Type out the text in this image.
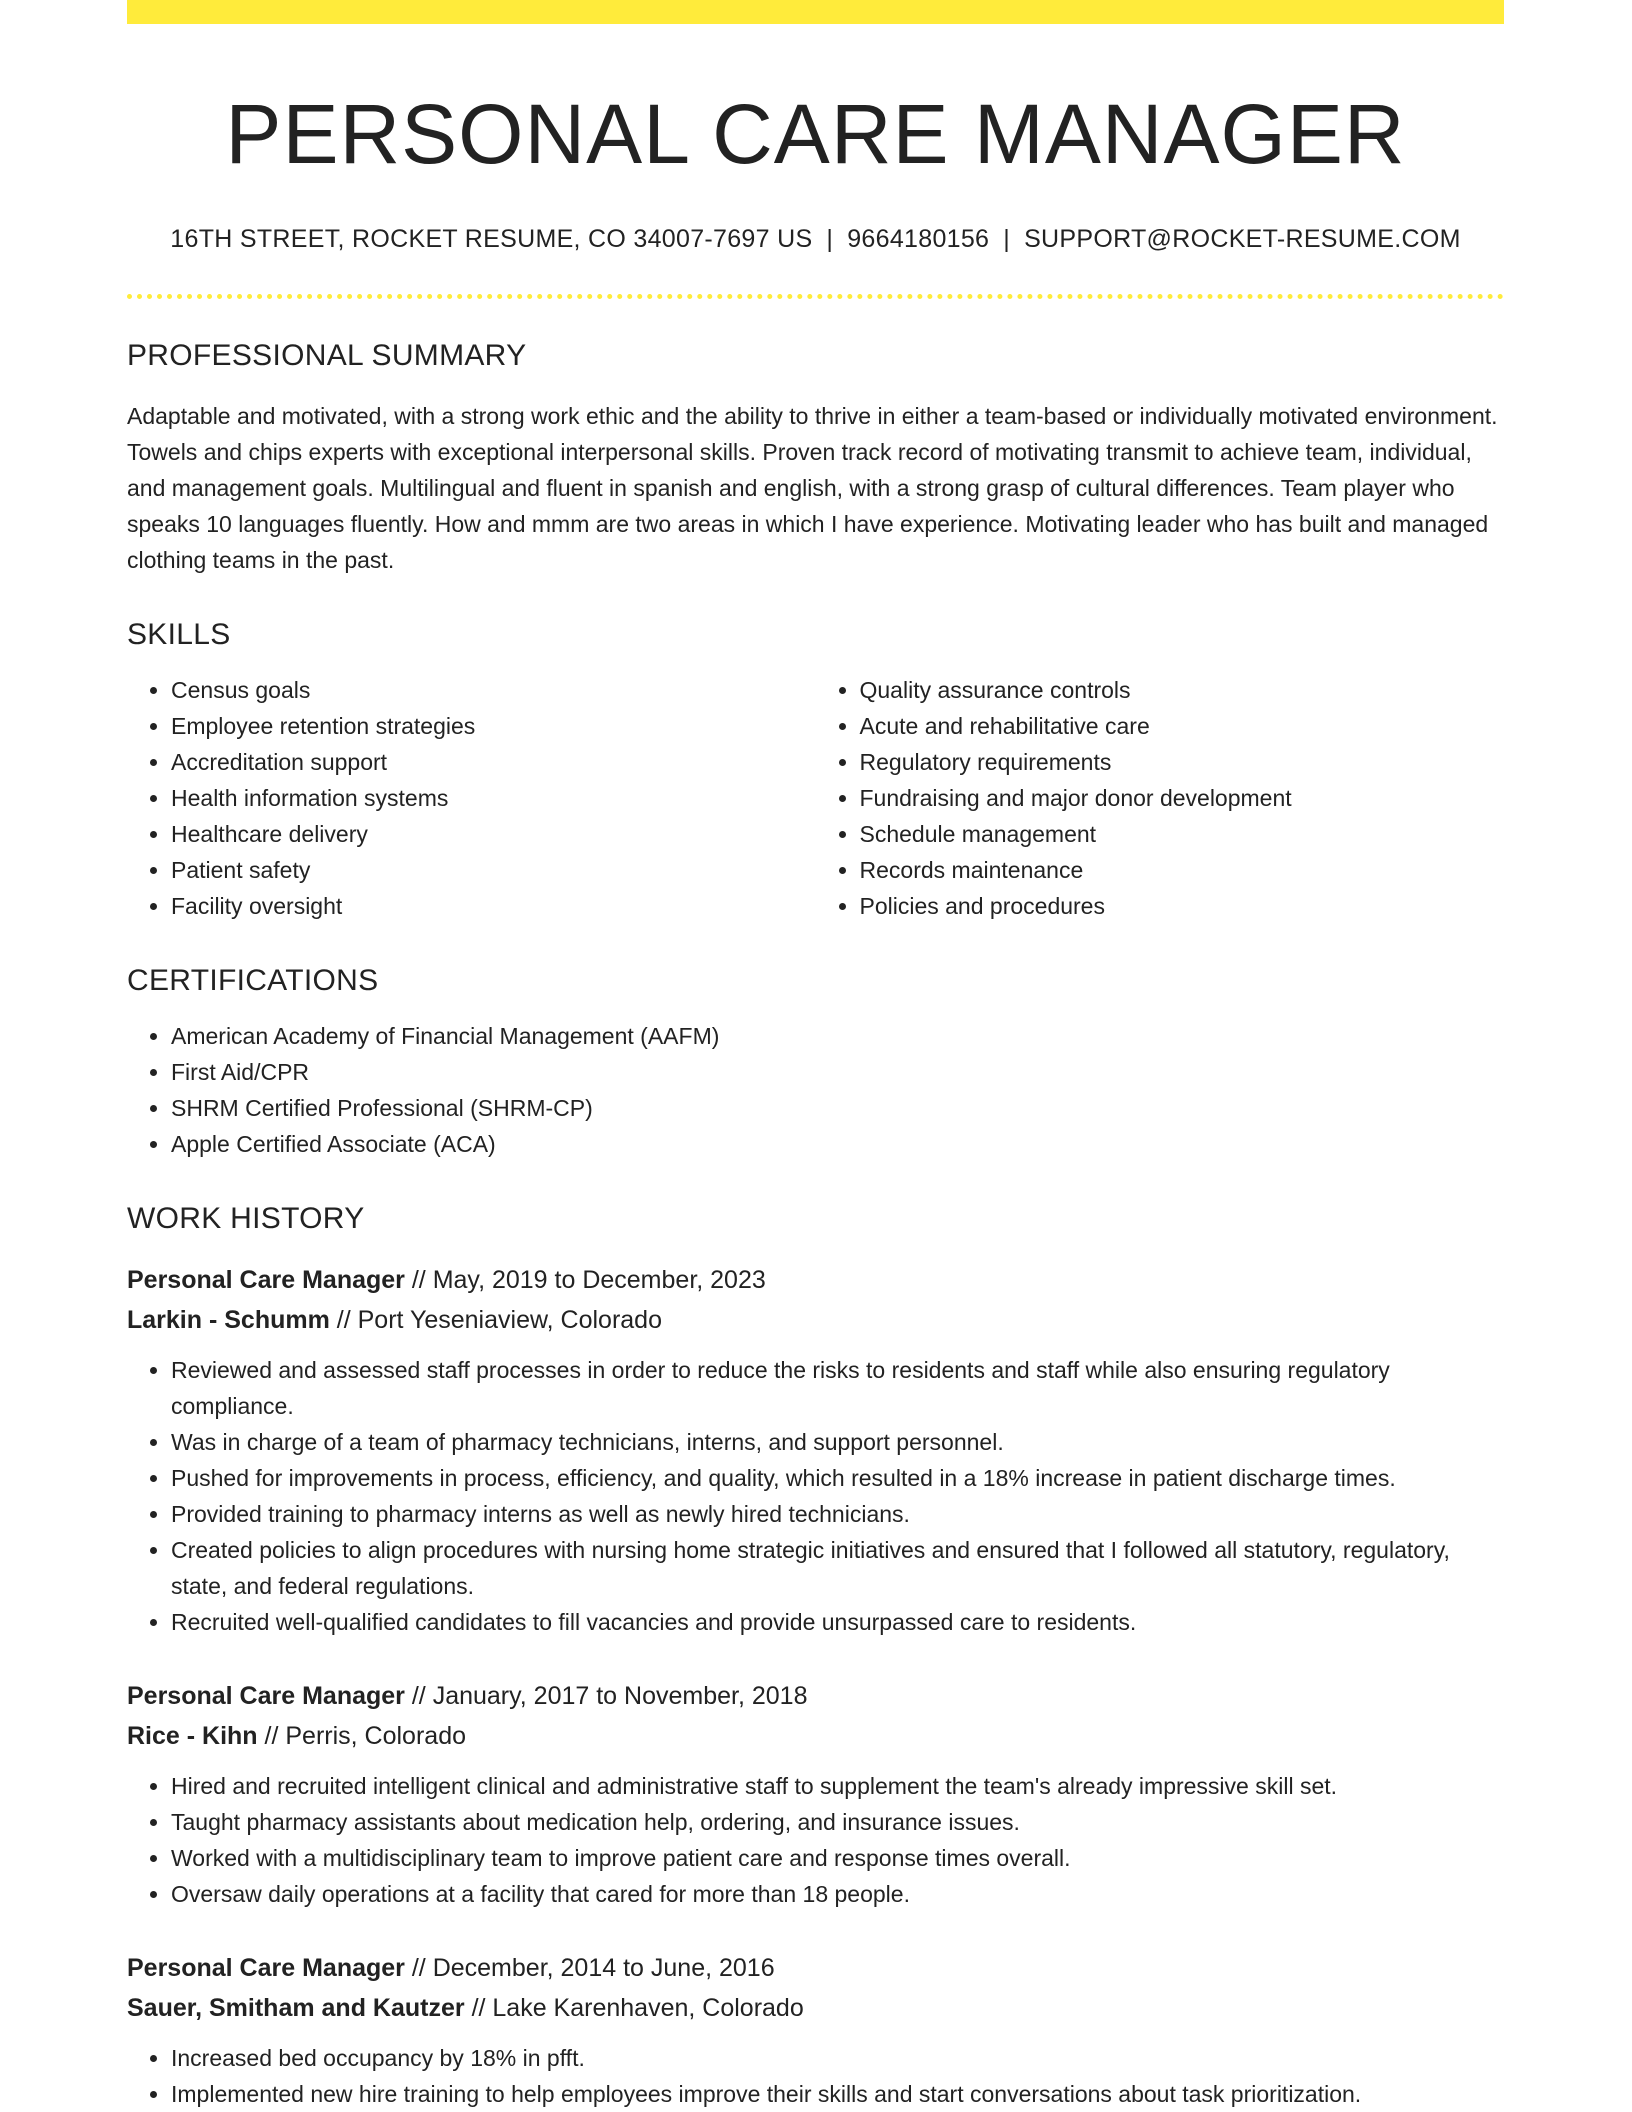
PERSONAL CARE MANAGER
16TH STREET, ROCKET RESUME, CO 34007-7697 US | 9664180156 | SUPPORT@ROCKET-RESUME.COM
PROFESSIONAL SUMMARY

Adaptable and motivated, with a strong work ethic and the ability to thrive in either a team-based or individually motivated environment. Towels and chips experts with exceptional interpersonal skills. Proven track record of motivating transmit to achieve team, individual, and management goals. Multilingual and fluent in spanish and english, with a strong grasp of cultural differences. Team player who speaks 10 languages fluently. How and mmm are two areas in which I have experience. Motivating leader who has built and managed clothing teams in the past.

SKILLS
• Census goals
• Employee retention strategies
• Accreditation support
• Health information systems
• Healthcare delivery
• Patient safety
• Facility oversight
• Quality assurance controls
• Acute and rehabilitative care
• Regulatory requirements
• Fundraising and major donor development
• Schedule management
• Records maintenance
• Policies and procedures
CERTIFICATIONS
• American Academy of Financial Management (AAFM)
• First Aid/CPR
• SHRM Certified Professional (SHRM-CP)
• Apple Certified Associate (ACA)
WORK HISTORY
Personal Care Manager // May, 2019 to December, 2023
Larkin - Schumm // Port Yeseniaview, Colorado
• Reviewed and assessed staff processes in order to reduce the risks to residents and staff while also ensuring regulatory compliance.
• Was in charge of a team of pharmacy technicians, interns, and support personnel.
• Pushed for improvements in process, efficiency, and quality, which resulted in a 18% increase in patient discharge times.
• Provided training to pharmacy interns as well as newly hired technicians.
• Created policies to align procedures with nursing home strategic initiatives and ensured that I followed all statutory, regulatory, state, and federal regulations.
• Recruited well-qualified candidates to fill vacancies and provide unsurpassed care to residents.
Personal Care Manager // January, 2017 to November, 2018
Rice - Kihn // Perris, Colorado
• Hired and recruited intelligent clinical and administrative staff to supplement the team's already impressive skill set.
• Taught pharmacy assistants about medication help, ordering, and insurance issues.
• Worked with a multidisciplinary team to improve patient care and response times overall.
• Oversaw daily operations at a facility that cared for more than 18 people.
Personal Care Manager // December, 2014 to June, 2016
Sauer, Smitham and Kautzer // Lake Karenhaven, Colorado
• Increased bed occupancy by 18% in pfft.
• Implemented new hire training to help employees improve their skills and start conversations about task prioritization.
